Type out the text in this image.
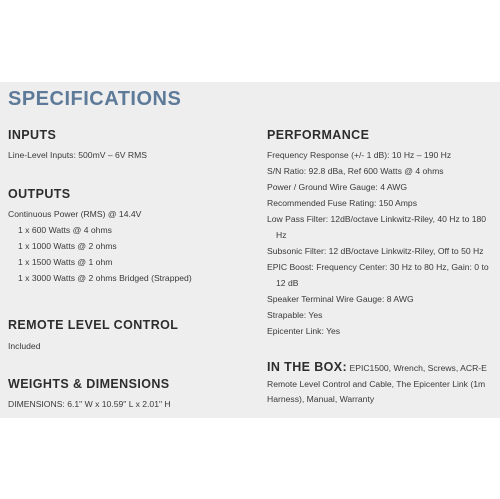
SPECIFICATIONS
INPUTS

Line-Level Inputs: 500mV – 6V RMS

OUTPUTS

Continuous Power (RMS) @ 14.4V

1 x 600 Watts @ 4 ohms

1 x 1000 Watts @ 2 ohms

1 x 1500 Watts @ 1 ohm

1 x 3000 Watts @ 2 ohms Bridged (Strapped)

REMOTE LEVEL CONTROL

Included

WEIGHTS & DIMENSIONS

DIMENSIONS: 6.1" W x 10.59" L x 2.01" H

PERFORMANCE

Frequency Response (+/- 1 dB): 10 Hz – 190 Hz

S/N Ratio: 92.8 dBa, Ref 600 Watts @ 4 ohms

Power / Ground Wire Gauge: 4 AWG

Recommended Fuse Rating: 150 Amps

Low Pass Filter: 12dB/octave Linkwitz-Riley, 40 Hz to 180

Hz

Subsonic Filter: 12 dB/octave Linkwitz-Riley, Off to 50 Hz

EPIC Boost: Frequency Center: 30 Hz to 80 Hz, Gain: 0 to

12 dB

Speaker Terminal Wire Gauge: 8 AWG

Strapable: Yes

Epicenter Link: Yes

IN THE BOX: EPIC1500, Wrench, Screws, ACR-E Remote Level Control and Cable, The Epicenter Link (1m Harness), Manual, Warranty
